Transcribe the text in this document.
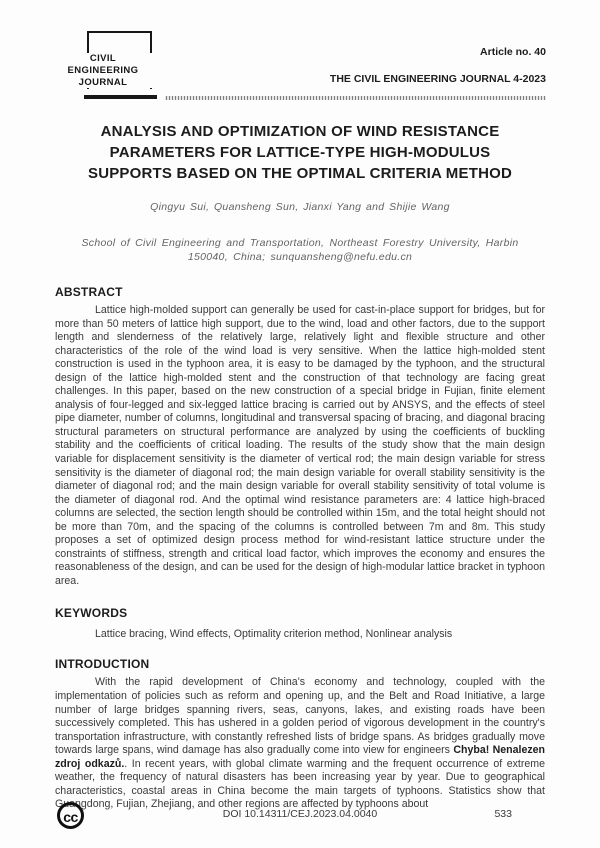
CIVIL
ENGINEERING
JOURNAL
Article no. 40
THE CIVIL ENGINEERING JOURNAL 4-2023
ANALYSIS AND OPTIMIZATION OF WIND RESISTANCE
PARAMETERS FOR LATTICE-TYPE HIGH-MODULUS
SUPPORTS BASED ON THE OPTIMAL CRITERIA METHOD
Qingyu Sui, Quansheng Sun, Jianxi Yang and Shijie Wang
School of Civil Engineering and Transportation, Northeast Forestry University, Harbin 150040, China; sunquansheng@nefu.edu.cn
ABSTRACT
Lattice high-molded support can generally be used for cast-in-place support for bridges, but for more than 50 meters of lattice high support, due to the wind, load and other factors, due to the support length and slenderness of the relatively large, relatively light and flexible structure and other characteristics of the role of the wind load is very sensitive. When the lattice high-molded stent construction is used in the typhoon area, it is easy to be damaged by the typhoon, and the structural design of the lattice high-molded stent and the construction of that technology are facing great challenges. In this paper, based on the new construction of a special bridge in Fujian, finite element analysis of four-legged and six-legged lattice bracing is carried out by ANSYS, and the effects of steel pipe diameter, number of columns, longitudinal and transversal spacing of bracing, and diagonal bracing structural parameters on structural performance are analyzed by using the coefficients of buckling stability and the coefficients of critical loading. The results of the study show that the main design variable for displacement sensitivity is the diameter of vertical rod; the main design variable for stress sensitivity is the diameter of diagonal rod; the main design variable for overall stability sensitivity is the diameter of diagonal rod; and the main design variable for overall stability sensitivity of total volume is the diameter of diagonal rod. And the optimal wind resistance parameters are: 4 lattice high-braced columns are selected, the section length should be controlled within 15m, and the total height should not be more than 70m, and the spacing of the columns is controlled between 7m and 8m. This study proposes a set of optimized design process method for wind-resistant lattice structure under the constraints of stiffness, strength and critical load factor, which improves the economy and ensures the reasonableness of the design, and can be used for the design of high-modular lattice bracket in typhoon area.
KEYWORDS
Lattice bracing, Wind effects, Optimality criterion method, Nonlinear analysis
INTRODUCTION
With the rapid development of China's economy and technology, coupled with the implementation of policies such as reform and opening up, and the Belt and Road Initiative, a large number of large bridges spanning rivers, seas, canyons, lakes, and existing roads have been successively completed. This has ushered in a golden period of vigorous development in the country's transportation infrastructure, with constantly refreshed lists of bridge spans. As bridges gradually move towards large spans, wind damage has also gradually come into view for engineers Chyba! Nenalezen zdroj odkazů.. In recent years, with global climate warming and the frequent occurrence of extreme weather, the frequency of natural disasters has been increasing year by year. Due to geographical characteristics, coastal areas in China become the main targets of typhoons. Statistics show that Guangdong, Fujian, Zhejiang, and other regions are affected by typhoons about
cc	DOI 10.14311/CEJ.2023.04.0040	533
